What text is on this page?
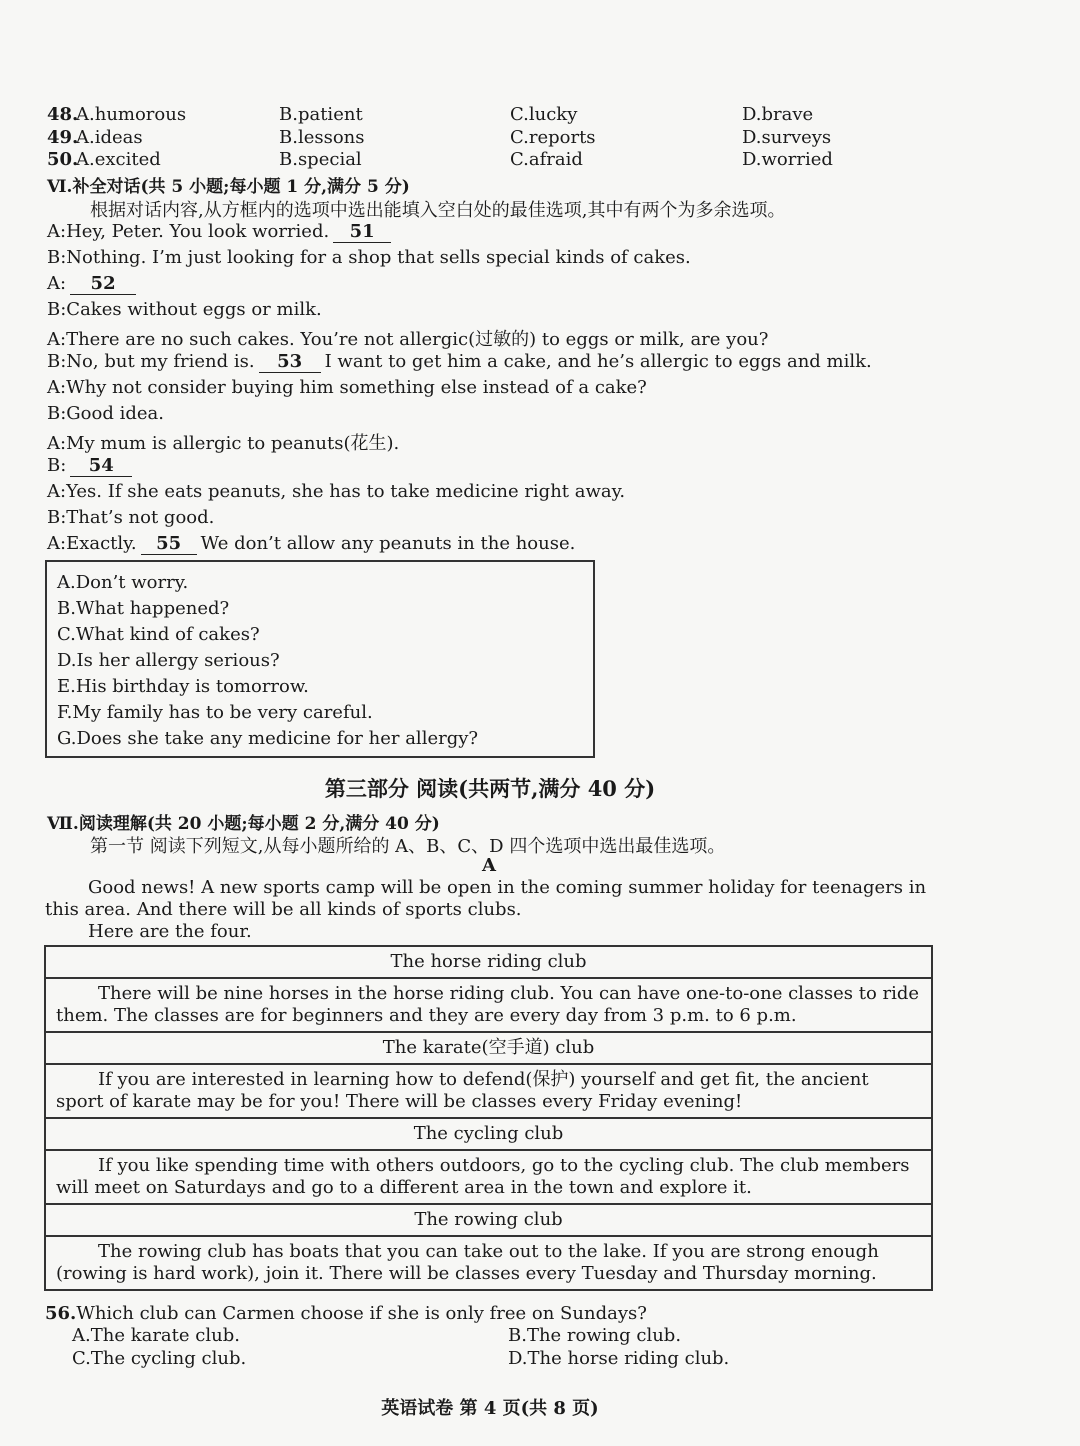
48.
A.humorous	B.patient	C.lucky	D.brave
49.
A.ideas	B.lessons	C.reports	D.surveys
50.
A.excited	B.special	C.afraid	D.worried
Ⅵ.补全对话(共 5 小题;每小题 1 分,满分 5 分)
根据对话内容,从方框内的选项中选出能填入空白处的最佳选项,其中有两个为多余选项。
A:Hey, Peter. You look worried. 51
B:Nothing. I’m just looking for a shop that sells special kinds of cakes.
A: 52
B:Cakes without eggs or milk.
A:There are no such cakes. You’re not allergic(过敏的) to eggs or milk, are you?
B:No, but my friend is. 53 I want to get him a cake, and he’s allergic to eggs and milk.
A:Why not consider buying him something else instead of a cake?
B:Good idea.
A:My mum is allergic to peanuts(花生).
B: 54
A:Yes. If she eats peanuts, she has to take medicine right away.
B:That’s not good.
A:Exactly. 55 We don’t allow any peanuts in the house.
A.Don’t worry.
B.What happened?
C.What kind of cakes?
D.Is her allergy serious?
E.His birthday is tomorrow.
F.My family has to be very careful.
G.Does she take any medicine for her allergy?
第三部分 阅读(共两节,满分 40 分)
Ⅶ.阅读理解(共 20 小题;每小题 2 分,满分 40 分)
第一节 阅读下列短文,从每小题所给的 A、B、C、D 四个选项中选出最佳选项。
A
Good news! A new sports camp will be open in the coming summer holiday for teenagers in
this area. And there will be all kinds of sports clubs.
Here are the four.
The horse riding club
There will be nine horses in the horse riding club. You can have one-to-one classes to ride them. The classes are for beginners and they are every day from 3 p.m. to 6 p.m.
The karate(空手道) club
If you are interested in learning how to defend(保护) yourself and get fit, the ancient sport of karate may be for you! There will be classes every Friday evening!
The cycling club
If you like spending time with others outdoors, go to the cycling club. The club members will meet on Saturdays and go to a different area in the town and explore it.
The rowing club
The rowing club has boats that you can take out to the lake. If you are strong enough (rowing is hard work), join it. There will be classes every Tuesday and Thursday morning.
56.Which club can Carmen choose if she is only free on Sundays?
A.The karate club.	B.The rowing club.
C.The cycling club.	D.The horse riding club.
英语试卷 第 4 页(共 8 页)
